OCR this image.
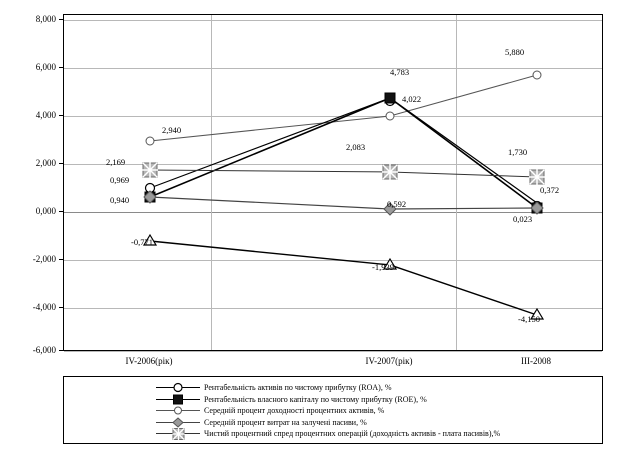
8,000
6,000
4,000
2,000
0,000
-2,000
-4,000
-6,000
2,940
4,022
5,880
2,169
2,083	1,730
0,969
4,783
0,372
0,940	0,592
0,023
-0,771
-1,939
-4,150
IV-2006(рік)	IV-2007(рік)	III-2008
Рентабельнiсть активiв по чистому прибутку (ROA), %
Рентабельнiсть власного капiталу по чистому прибутку (ROE), %
Середнiй процент доходностi процентних активiв, %
Середнiй процент витрат на залученi пасиви, %
Чистий процентний спред процентних операцiй (доходнiсть активiв - плата пасивiв),%
